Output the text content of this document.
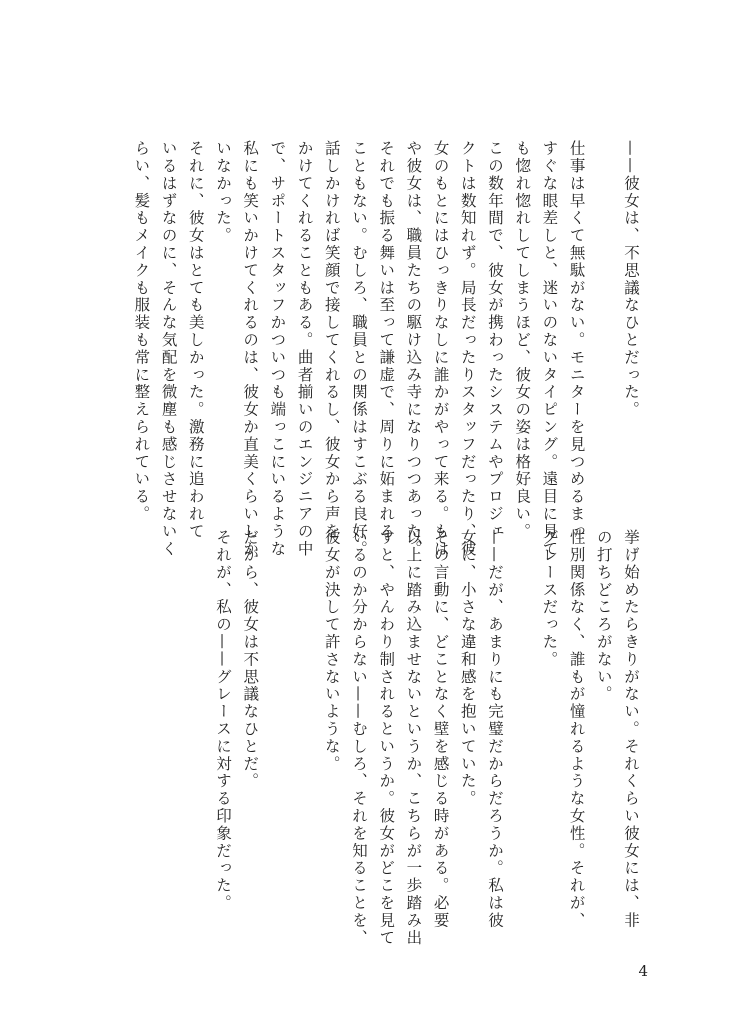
——彼女は、不思議なひとだった。
仕事は早くて無駄がない。モニターを見つめるまっ
すぐな眼差しと、迷いのないタイピング。遠目に見て
も惚れ惚れしてしまうほど、彼女の姿は格好良い。
この数年間で、彼女が携わったシステムやプロジェ
クトは数知れず。局長だったりスタッフだったり、彼
女のもとにはひっきりなしに誰かがやって来る。もは
や彼女は、職員たちの駆け込み寺になりつつあった。
それでも振る舞いは至って謙虚で、周りに妬まれる
こともない。むしろ、職員との関係はすこぶる良好。
話しかければ笑顔で接してくれるし、彼女から声を
かけてくれることもある。曲者揃いのエンジニアの中
で、サポートスタッフかついつも端っこにいるような
私にも笑いかけてくれるのは、彼女か直美くらいしか
いなかった。
それに、彼女はとても美しかった。激務に追われて
いるはずなのに、そんな気配を微塵も感じさせないく
らい、髪もメイクも服装も常に整えられている。
挙げ始めたらきりがない。それくらい彼女には、非
の打ちどころがない。
性別関係なく、誰もが憧れるような女性。それが、
グレースだった。
——だが、あまりにも完璧だからだろうか。私は彼
女に、小さな違和感を抱いていた。
その言動に、どことなく壁を感じる時がある。必要
以上に踏み込ませないというか、こちらが一歩踏み出
すと、やんわり制されるというか。彼女がどこを見て
いるのか分からない——むしろ、それを知ることを、
彼女が決して許さないような。
だから、彼女は不思議なひとだ。
それが、私の——グレースに対する印象だった。
4
